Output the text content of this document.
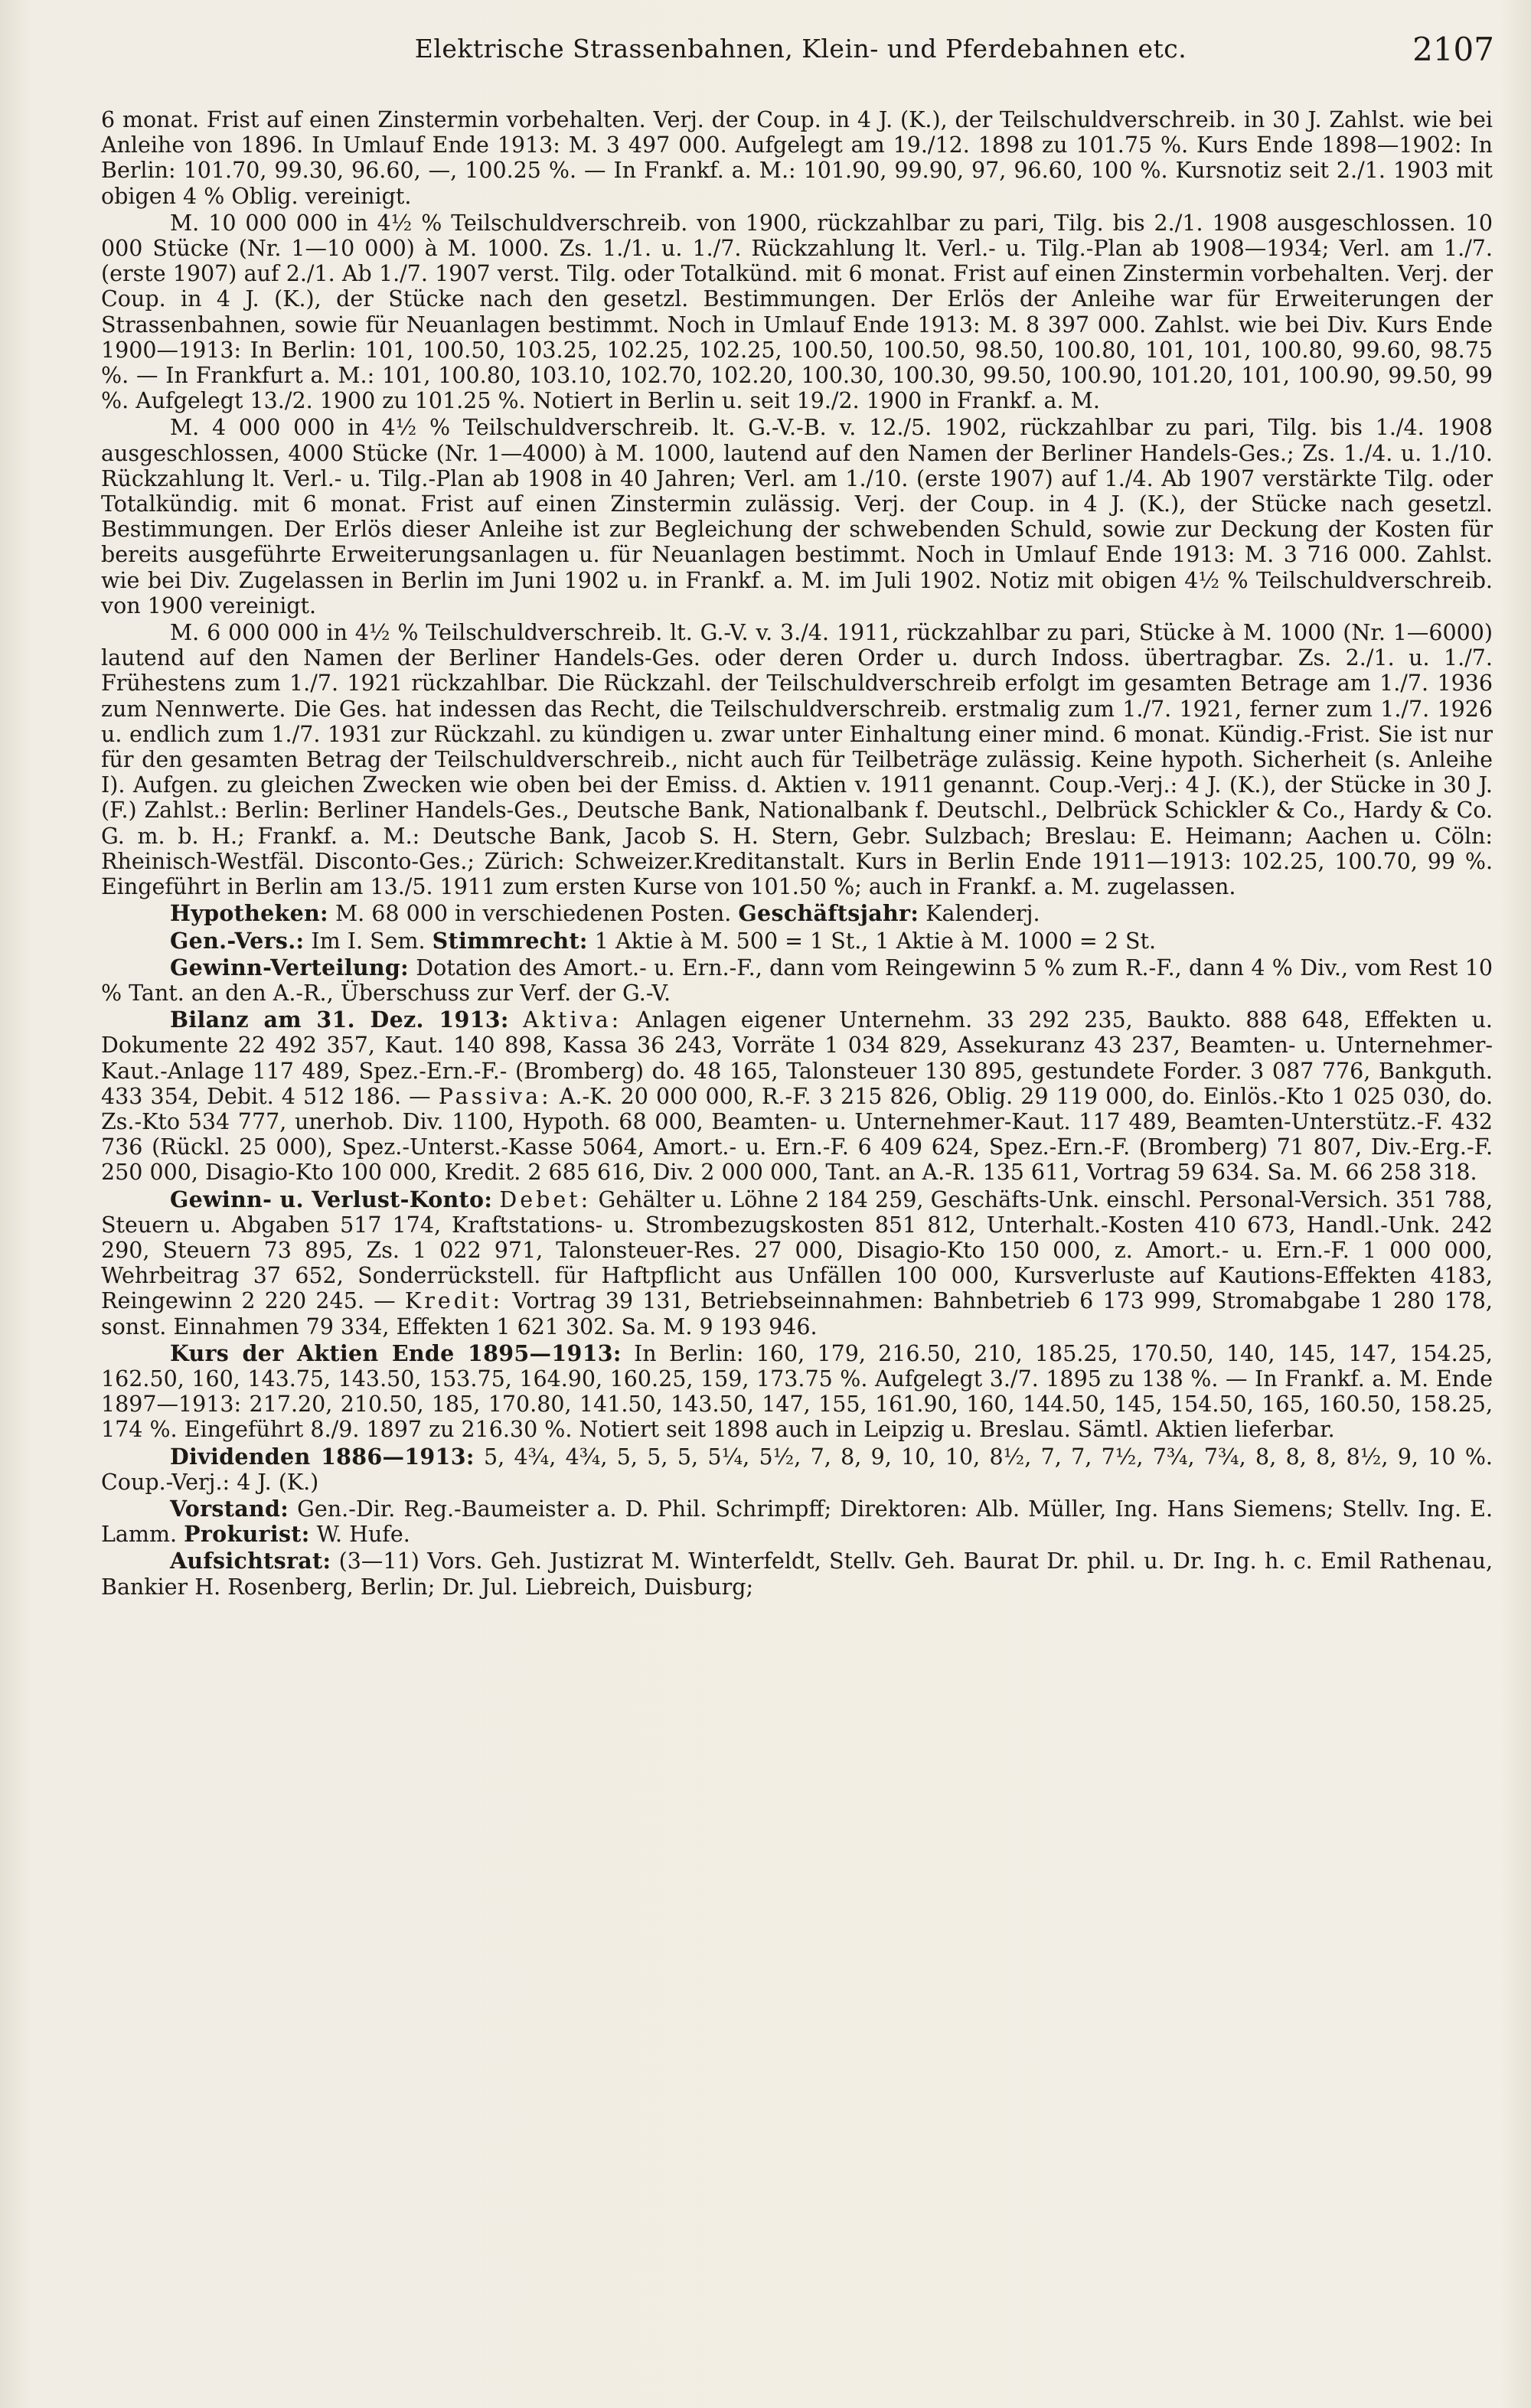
Elektrische Strassenbahnen, Klein- und Pferdebahnen etc.	2107

6 monat. Frist auf einen Zinstermin vorbehalten. Verj. der Coup. in 4 J. (K.), der Teilschuldverschreib. in 30 J. Zahlst. wie bei Anleihe von 1896. In Umlauf Ende 1913: M. 3 497 000. Aufgelegt am 19./12. 1898 zu 101.75 %. Kurs Ende 1898—1902: In Berlin: 101.70, 99.30, 96.60, —, 100.25 %. — In Frankf. a. M.: 101.90, 99.90, 97, 96.60, 100 %. Kursnotiz seit 2./1. 1903 mit obigen 4 % Oblig. vereinigt.

M. 10 000 000 in 4½ % Teilschuldverschreib. von 1900, rückzahlbar zu pari, Tilg. bis 2./1. 1908 ausgeschlossen. 10 000 Stücke (Nr. 1—10 000) à M. 1000. Zs. 1./1. u. 1./7. Rückzahlung lt. Verl.- u. Tilg.-Plan ab 1908—1934; Verl. am 1./7. (erste 1907) auf 2./1. Ab 1./7. 1907 verst. Tilg. oder Totalkünd. mit 6 monat. Frist auf einen Zinstermin vorbehalten. Verj. der Coup. in 4 J. (K.), der Stücke nach den gesetzl. Bestimmungen. Der Erlös der Anleihe war für Erweiterungen der Strassenbahnen, sowie für Neuanlagen bestimmt. Noch in Umlauf Ende 1913: M. 8 397 000. Zahlst. wie bei Div. Kurs Ende 1900—1913: In Berlin: 101, 100.50, 103.25, 102.25, 102.25, 100.50, 100.50, 98.50, 100.80, 101, 101, 100.80, 99.60, 98.75 %. — In Frankfurt a. M.: 101, 100.80, 103.10, 102.70, 102.20, 100.30, 100.30, 99.50, 100.90, 101.20, 101, 100.90, 99.50, 99 %. Aufgelegt 13./2. 1900 zu 101.25 %. Notiert in Berlin u. seit 19./2. 1900 in Frankf. a. M.

M. 4 000 000 in 4½ % Teilschuldverschreib. lt. G.-V.-B. v. 12./5. 1902, rückzahlbar zu pari, Tilg. bis 1./4. 1908 ausgeschlossen, 4000 Stücke (Nr. 1—4000) à M. 1000, lautend auf den Namen der Berliner Handels-Ges.; Zs. 1./4. u. 1./10. Rückzahlung lt. Verl.- u. Tilg.-Plan ab 1908 in 40 Jahren; Verl. am 1./10. (erste 1907) auf 1./4. Ab 1907 verstärkte Tilg. oder Totalkündig. mit 6 monat. Frist auf einen Zinstermin zulässig. Verj. der Coup. in 4 J. (K.), der Stücke nach gesetzl. Bestimmungen. Der Erlös dieser Anleihe ist zur Begleichung der schwebenden Schuld, sowie zur Deckung der Kosten für bereits ausgeführte Erweiterungsanlagen u. für Neuanlagen bestimmt. Noch in Umlauf Ende 1913: M. 3 716 000. Zahlst. wie bei Div. Zugelassen in Berlin im Juni 1902 u. in Frankf. a. M. im Juli 1902. Notiz mit obigen 4½ % Teilschuldverschreib. von 1900 vereinigt.

M. 6 000 000 in 4½ % Teilschuldverschreib. lt. G.-V. v. 3./4. 1911, rückzahlbar zu pari, Stücke à M. 1000 (Nr. 1—6000) lautend auf den Namen der Berliner Handels-Ges. oder deren Order u. durch Indoss. übertragbar. Zs. 2./1. u. 1./7. Frühestens zum 1./7. 1921 rückzahlbar. Die Rückzahl. der Teilschuldverschreib erfolgt im gesamten Betrage am 1./7. 1936 zum Nennwerte. Die Ges. hat indessen das Recht, die Teilschuldverschreib. erstmalig zum 1./7. 1921, ferner zum 1./7. 1926 u. endlich zum 1./7. 1931 zur Rückzahl. zu kündigen u. zwar unter Einhaltung einer mind. 6 monat. Kündig.-Frist. Sie ist nur für den gesamten Betrag der Teilschuldverschreib., nicht auch für Teilbeträge zulässig. Keine hypoth. Sicherheit (s. Anleihe I). Aufgen. zu gleichen Zwecken wie oben bei der Emiss. d. Aktien v. 1911 genannt. Coup.-Verj.: 4 J. (K.), der Stücke in 30 J. (F.) Zahlst.: Berlin: Berliner Handels-Ges., Deutsche Bank, Nationalbank f. Deutschl., Delbrück Schickler & Co., Hardy & Co. G. m. b. H.; Frankf. a. M.: Deutsche Bank, Jacob S. H. Stern, Gebr. Sulzbach; Breslau: E. Heimann; Aachen u. Cöln: Rheinisch-Westfäl. Disconto-Ges.; Zürich: Schweizer.Kreditanstalt. Kurs in Berlin Ende 1911—1913: 102.25, 100.70, 99 %. Eingeführt in Berlin am 13./5. 1911 zum ersten Kurse von 101.50 %; auch in Frankf. a. M. zugelassen.

Hypotheken: M. 68 000 in verschiedenen Posten. Geschäftsjahr: Kalenderj.

Gen.-Vers.: Im I. Sem. Stimmrecht: 1 Aktie à M. 500 = 1 St., 1 Aktie à M. 1000 = 2 St.

Gewinn-Verteilung: Dotation des Amort.- u. Ern.-F., dann vom Reingewinn 5 % zum R.-F., dann 4 % Div., vom Rest 10 % Tant. an den A.-R., Überschuss zur Verf. der G.-V.

Bilanz am 31. Dez. 1913: Aktiva: Anlagen eigener Unternehm. 33 292 235, Baukto. 888 648, Effekten u. Dokumente 22 492 357, Kaut. 140 898, Kassa 36 243, Vorräte 1 034 829, Assekuranz 43 237, Beamten- u. Unternehmer-Kaut.-Anlage 117 489, Spez.-Ern.-F.- (Bromberg) do. 48 165, Talonsteuer 130 895, gestundete Forder. 3 087 776, Bankguth. 433 354, Debit. 4 512 186. — Passiva: A.-K. 20 000 000, R.-F. 3 215 826, Oblig. 29 119 000, do. Einlös.-Kto 1 025 030, do. Zs.-Kto 534 777, unerhob. Div. 1100, Hypoth. 68 000, Beamten- u. Unternehmer-Kaut. 117 489, Beamten-Unterstütz.-F. 432 736 (Rückl. 25 000), Spez.-Unterst.-Kasse 5064, Amort.- u. Ern.-F. 6 409 624, Spez.-Ern.-F. (Bromberg) 71 807, Div.-Erg.-F. 250 000, Disagio-Kto 100 000, Kredit. 2 685 616, Div. 2 000 000, Tant. an A.-R. 135 611, Vortrag 59 634. Sa. M. 66 258 318.

Gewinn- u. Verlust-Konto: Debet: Gehälter u. Löhne 2 184 259, Geschäfts-Unk. einschl. Personal-Versich. 351 788, Steuern u. Abgaben 517 174, Kraftstations- u. Strombezugskosten 851 812, Unterhalt.-Kosten 410 673, Handl.-Unk. 242 290, Steuern 73 895, Zs. 1 022 971, Talonsteuer-Res. 27 000, Disagio-Kto 150 000, z. Amort.- u. Ern.-F. 1 000 000, Wehrbeitrag 37 652, Sonderrückstell. für Haftpflicht aus Unfällen 100 000, Kursverluste auf Kautions-Effekten 4183, Reingewinn 2 220 245. — Kredit: Vortrag 39 131, Betriebseinnahmen: Bahnbetrieb 6 173 999, Stromabgabe 1 280 178, sonst. Einnahmen 79 334, Effekten 1 621 302. Sa. M. 9 193 946.

Kurs der Aktien Ende 1895—1913: In Berlin: 160, 179, 216.50, 210, 185.25, 170.50, 140, 145, 147, 154.25, 162.50, 160, 143.75, 143.50, 153.75, 164.90, 160.25, 159, 173.75 %. Aufgelegt 3./7. 1895 zu 138 %. — In Frankf. a. M. Ende 1897—1913: 217.20, 210.50, 185, 170.80, 141.50, 143.50, 147, 155, 161.90, 160, 144.50, 145, 154.50, 165, 160.50, 158.25, 174 %. Eingeführt 8./9. 1897 zu 216.30 %. Notiert seit 1898 auch in Leipzig u. Breslau. Sämtl. Aktien lieferbar.

Dividenden 1886—1913: 5, 4¾, 4¾, 5, 5, 5, 5¼, 5½, 7, 8, 9, 10, 10, 8½, 7, 7, 7½, 7¾, 7¾, 8, 8, 8, 8½, 9, 10 %. Coup.-Verj.: 4 J. (K.)

Vorstand: Gen.-Dir. Reg.-Baumeister a. D. Phil. Schrimpff; Direktoren: Alb. Müller, Ing. Hans Siemens; Stellv. Ing. E. Lamm. Prokurist: W. Hufe.

Aufsichtsrat: (3—11) Vors. Geh. Justizrat M. Winterfeldt, Stellv. Geh. Baurat Dr. phil. u. Dr. Ing. h. c. Emil Rathenau, Bankier H. Rosenberg, Berlin; Dr. Jul. Liebreich, Duisburg;
